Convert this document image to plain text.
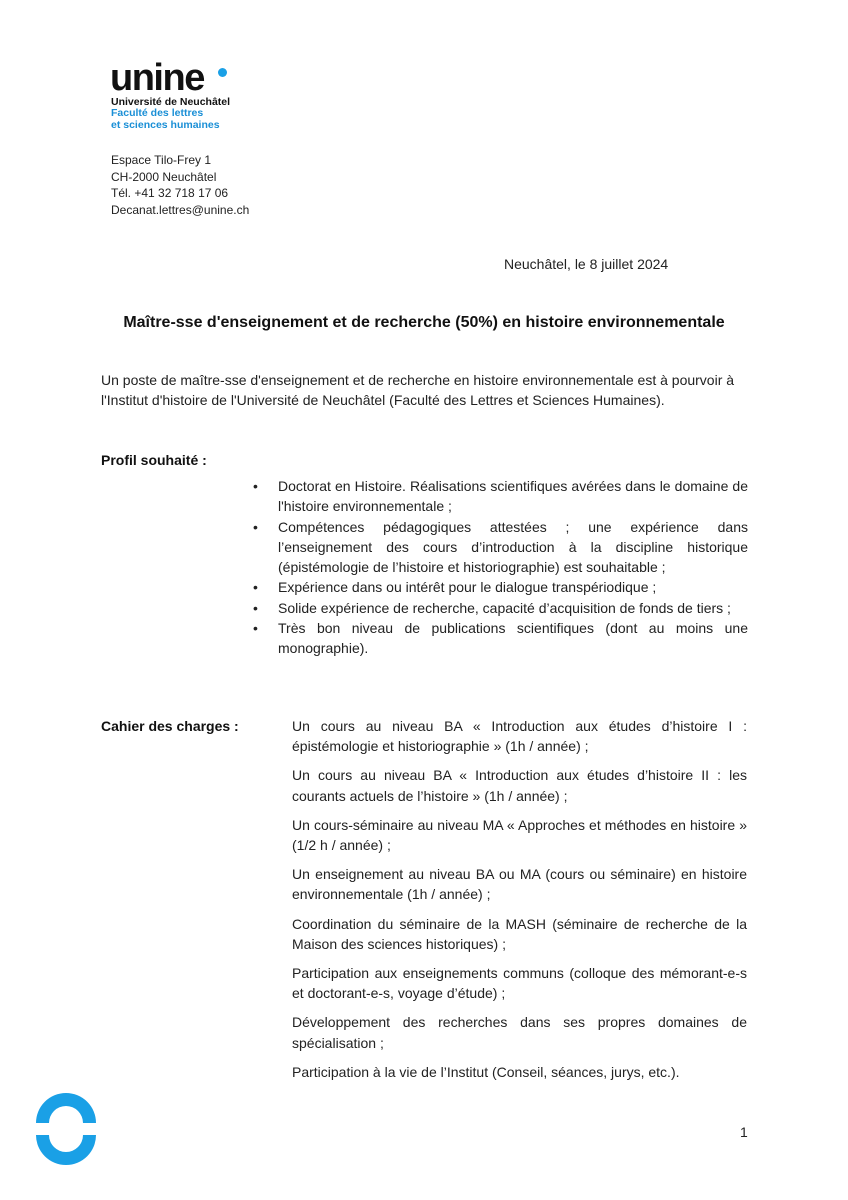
unine
Université de Neuchâtel
Faculté des lettres
et sciences humaines
Espace Tilo-Frey 1
CH-2000 Neuchâtel
Tél. +41 32 718 17 06
Decanat.lettres@unine.ch
Neuchâtel, le 8 juillet 2024
Maître-sse d'enseignement et de recherche (50%) en histoire environnementale
Un poste de maître-sse d'enseignement et de recherche en histoire environnementale est à pourvoir à l'Institut d'histoire de l'Université de Neuchâtel (Faculté des Lettres et Sciences Humaines).
Profil souhaité :
• Doctorat en Histoire. Réalisations scientifiques avérées dans le domaine de l'histoire environnementale ;
• Compétences pédagogiques attestées ; une expérience dans l’enseignement des cours d’introduction à la discipline historique (épistémologie de l’histoire et historiographie) est souhaitable ;
• Expérience dans ou intérêt pour le dialogue transpériodique ;
• Solide expérience de recherche, capacité d’acquisition de fonds de tiers ;
• Très bon niveau de publications scientifiques (dont au moins une monographie).
Cahier des charges :	Un cours au niveau BA « Introduction aux études d’histoire I : épistémologie et historiographie » (1h / année) ;

Un cours au niveau BA « Introduction aux études d’histoire II : les courants actuels de l’histoire » (1h / année) ;

Un cours-séminaire au niveau MA « Approches et méthodes en histoire » (1/2 h / année) ;

Un enseignement au niveau BA ou MA (cours ou séminaire) en histoire environnementale (1h / année) ;

Coordination du séminaire de la MASH (séminaire de recherche de la Maison des sciences historiques) ;

Participation aux enseignements communs (colloque des mémorant-e-s et doctorant-e-s, voyage d’étude) ;

Développement des recherches dans ses propres domaines de spécialisation ;

Participation à la vie de l’Institut (Conseil, séances, jurys, etc.).

1
